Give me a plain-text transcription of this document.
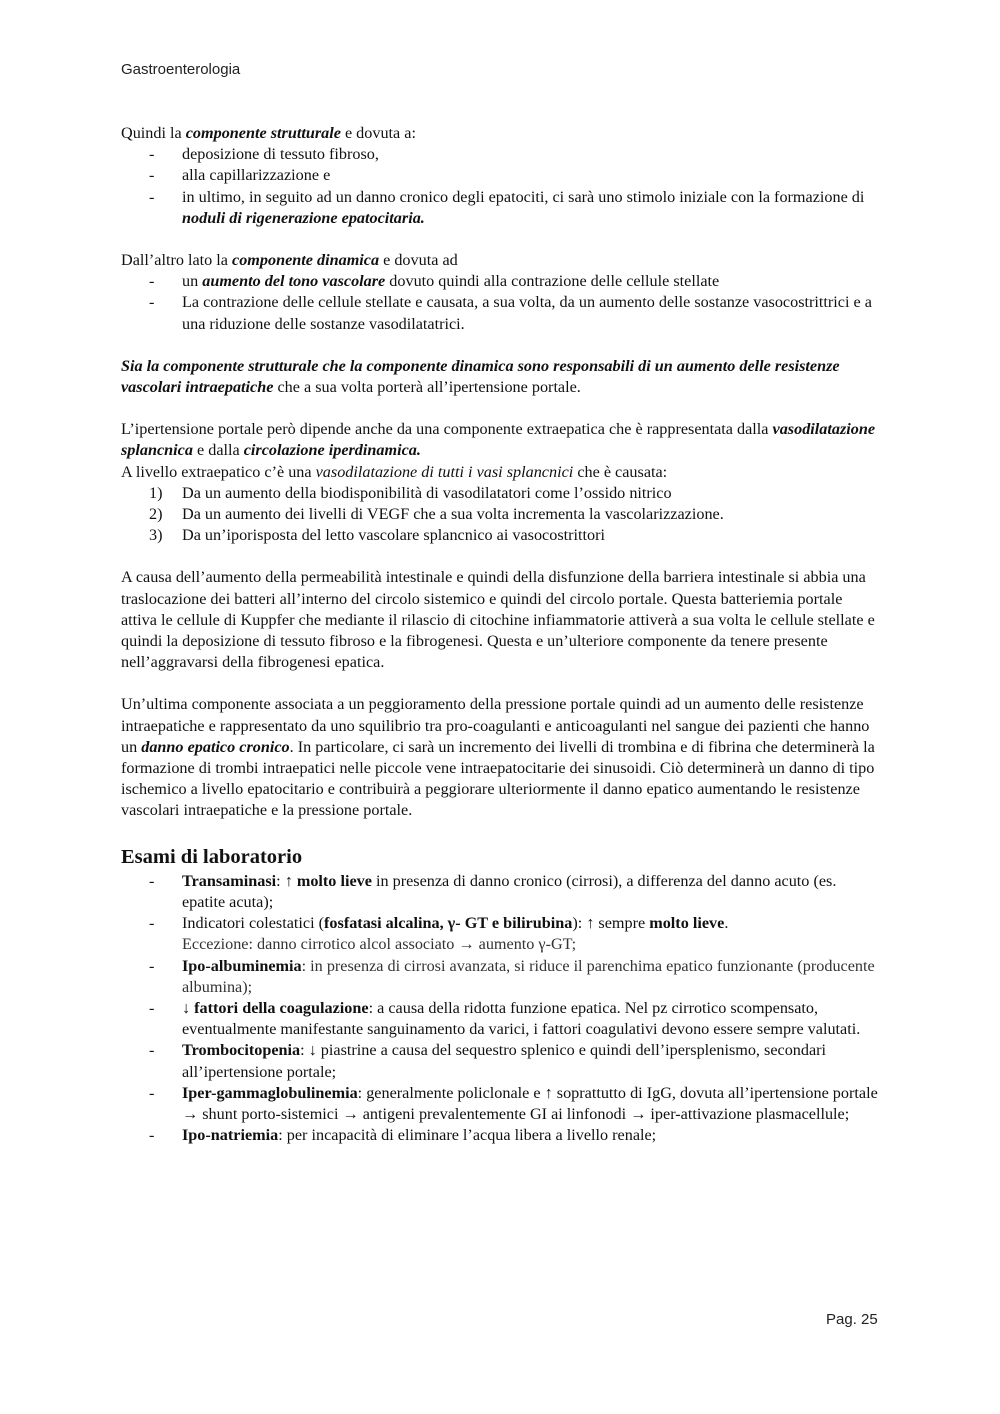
Gastroenterologia

Quindi la componente strutturale e dovuta a:

- deposizione di tessuto fibroso,
- alla capillarizzazione e
- in ultimo, in seguito ad un danno cronico degli epatociti, ci sarà uno stimolo iniziale con la formazione di noduli di rigenerazione epatocitaria.

Dall’altro lato la componente dinamica e dovuta ad

- un aumento del tono vascolare dovuto quindi alla contrazione delle cellule stellate
- La contrazione delle cellule stellate e causata, a sua volta, da un aumento delle sostanze vasocostrittrici e a una riduzione delle sostanze vasodilatatrici.

Sia la componente strutturale che la componente dinamica sono responsabili di un aumento delle resistenze vascolari intraepatiche che a sua volta porterà all’ipertensione portale.

L’ipertensione portale però dipende anche da una componente extraepatica che è rappresentata dalla vasodilatazione splancnica e dalla circolazione iperdinamica.

A livello extraepatico c’è una vasodilatazione di tutti i vasi splancnici che è causata:

1) Da un aumento della biodisponibilità di vasodilatatori come l’ossido nitrico
2) Da un aumento dei livelli di VEGF che a sua volta incrementa la vascolarizzazione.
3) Da un’iporisposta del letto vascolare splancnico ai vasocostrittori

A causa dell’aumento della permeabilità intestinale e quindi della disfunzione della barriera intestinale si abbia una traslocazione dei batteri all’interno del circolo sistemico e quindi del circolo portale. Questa batteriemia portale attiva le cellule di Kuppfer che mediante il rilascio di citochine infiammatorie attiverà a sua volta le cellule stellate e quindi la deposizione di tessuto fibroso e la fibrogenesi. Questa e un’ulteriore componente da tenere presente nell’aggravarsi della fibrogenesi epatica.

Un’ultima componente associata a un peggioramento della pressione portale quindi ad un aumento delle resistenze intraepatiche e rappresentato da uno squilibrio tra pro-coagulanti e anticoagulanti nel sangue dei pazienti che hanno un danno epatico cronico. In particolare, ci sarà un incremento dei livelli di trombina e di fibrina che determinerà la formazione di trombi intraepatici nelle piccole vene intraepatocitarie dei sinusoidi. Ciò determinerà un danno di tipo ischemico a livello epatocitario e contribuirà a peggiorare ulteriormente il danno epatico aumentando le resistenze vascolari intraepatiche e la pressione portale.

Esami di laboratorio
- Transaminasi: ↑ molto lieve in presenza di danno cronico (cirrosi), a differenza del danno acuto (es. epatite acuta);
- Indicatori colestatici (fosfatasi alcalina, γ- GT e bilirubina): ↑ sempre molto lieve.
Eccezione: danno cirrotico alcol associato → aumento γ-GT;
- Ipo-albuminemia: in presenza di cirrosi avanzata, si riduce il parenchima epatico funzionante (producente albumina);
- ↓ fattori della coagulazione: a causa della ridotta funzione epatica. Nel pz cirrotico scompensato, eventualmente manifestante sanguinamento da varici, i fattori coagulativi devono essere sempre valutati.
- Trombocitopenia: ↓ piastrine a causa del sequestro splenico e quindi dell’ipersplenismo, secondari all’ipertensione portale;
- Iper-gammaglobulinemia: generalmente policlonale e ↑ soprattutto di IgG, dovuta all’ipertensione portale → shunt porto-sistemici → antigeni prevalentemente GI ai linfonodi → iper-attivazione plasmacellule;
- Ipo-natriemia: per incapacità di eliminare l’acqua libera a livello renale;
Pag. 25
